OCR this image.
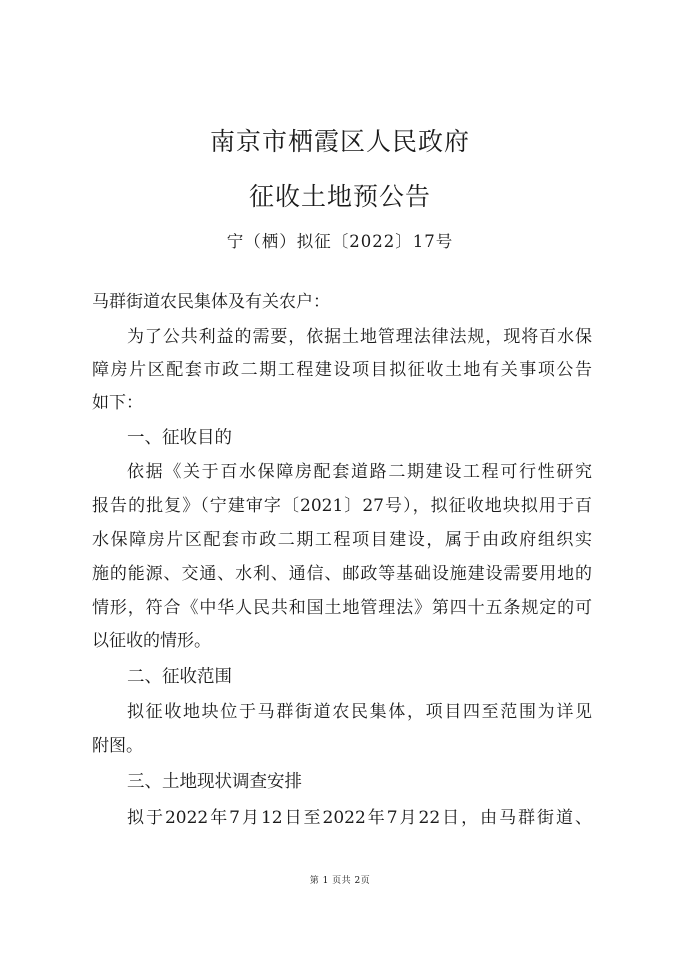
南京市栖霞区人民政府
征收土地预公告
宁（栖）拟征〔2022〕17号
马群街道农民集体及有关农户：
为了公共利益的需要，依据土地管理法律法规，现将百水保
障房片区配套市政二期工程建设项目拟征收土地有关事项公告
如下：
一、征收目的
依据《关于百水保障房配套道路二期建设工程可行性研究
报告的批复》（宁建审字〔2021〕27号），拟征收地块拟用于百
水保障房片区配套市政二期工程项目建设，属于由政府组织实
施的能源、交通、水利、通信、邮政等基础设施建设需要用地的
情形，符合《中华人民共和国土地管理法》第四十五条规定的可
以征收的情形。
二、征收范围
拟征收地块位于马群街道农民集体，项目四至范围为详见
附图。
三、土地现状调查安排
拟于2022年7月12日至2022年7月22日，由马群街道、
第 1 页共 2页
